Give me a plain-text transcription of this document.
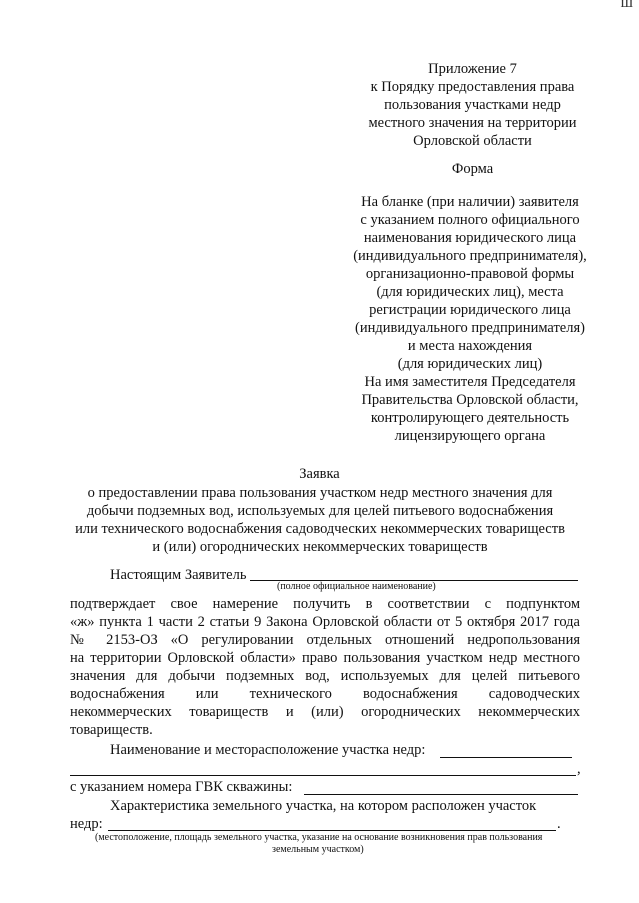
ш
Приложение 7
к Порядку предоставления права
пользования участками недр
местного значения на территории
Орловской области
Форма
На бланке (при наличии) заявителя
с указанием полного официального
наименования юридического лица
(индивидуального предпринимателя),
организационно-правовой формы
(для юридических лиц), места
регистрации юридического лица
(индивидуального предпринимателя)
и места нахождения
(для юридических лиц)
На имя заместителя Председателя
Правительства Орловской области,
контролирующего деятельность
лицензирующего органа
Заявка
о предоставлении права пользования участком недр местного значения для
добычи подземных вод, используемых для целей питьевого водоснабжения
или технического водоснабжения садоводческих некоммерческих товариществ
и (или) огороднических некоммерческих товариществ
Настоящим Заявитель
(полное официальное наименование)
подтверждает свое намерение получить в соответствии с подпунктом
«ж» пункта 1 части 2 статьи 9 Закона Орловской области от 5 октября 2017 года
№ 2153-ОЗ «О регулировании отдельных отношений недропользования
на территории Орловской области» право пользования участком недр местного
значения для добычи подземных вод, используемых для целей питьевого
водоснабжения или технического водоснабжения садоводческих
некоммерческих товариществ и (или) огороднических некоммерческих
товариществ.
Наименование и месторасположение участка недр:
,
с указанием номера ГВК скважины:
Характеристика земельного участка, на котором расположен участок
недр:	.
(местоположение, площадь земельного участка, указание на основание возникновения прав пользования
земельным участком)
